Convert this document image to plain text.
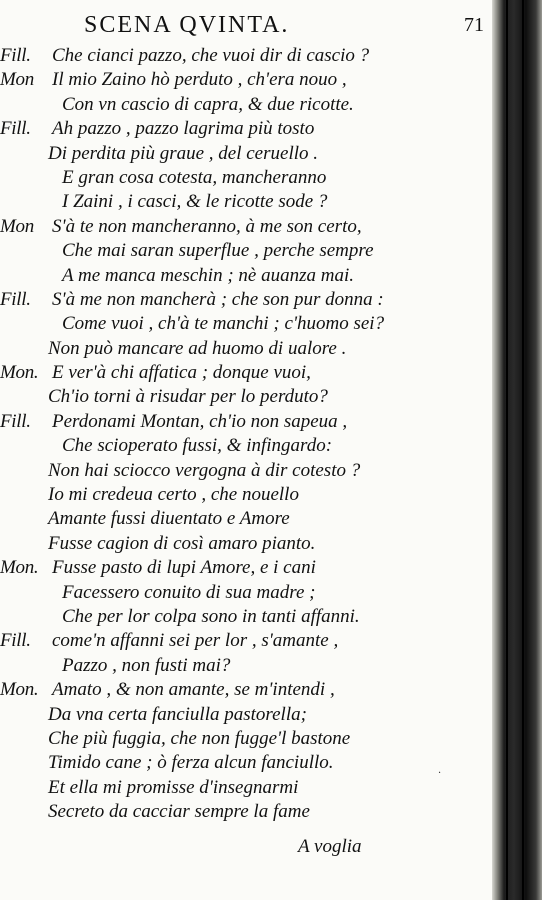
SCENA QVINTA.	71
Fill.	Che cianci pazzo, che vuoi dir di cascio ?
Mon Il mio Zaino hò perduto , ch'era nouo ,
Con vn cascio di capra, & due ricotte.
Fill.	Ah pazzo , pazzo lagrima più tosto
Di perdita più graue , del ceruello .
E gran cosa cotesta, mancheranno
I Zaini , i casci, & le ricotte sode ?
Mon S'à te non mancheranno, à me son certo,
Che mai saran superflue , perche sempre
A me manca meschin ; nè auanza mai.
Fill.	S'à me non mancherà ; che son pur donna :
Come vuoi , ch'à te manchi ; c'huomo sei?
Non può mancare ad huomo di ualore .
Mon. E ver'à chi affatica ; donque vuoi,
Ch'io torni à risudar per lo perduto?
Fill.	Perdonami Montan, ch'io non sapeua ,
Che scioperato fussi, & infingardo:
Non hai sciocco vergogna à dir cotesto ?
Io mi credeua certo , che nouello
Amante fussi diuentato e Amore
Fusse cagion di così amaro pianto.
Mon. Fusse pasto di lupi Amore, e i cani
Facessero conuito di sua madre ;
Che per lor colpa sono in tanti affanni.
Fill.	come'n affanni sei per lor , s'amante ,
Pazzo , non fusti mai?
Mon. Amato , & non amante, se m'intendi ,
Da vna certa fanciulla pastorella;
Che più fuggia, che non fugge'l bastone
Timido cane ; ò ferza alcun fanciullo.
Et ella mi promisse d'insegnarmi
Secreto da cacciar sempre la fame
A voglia
·
